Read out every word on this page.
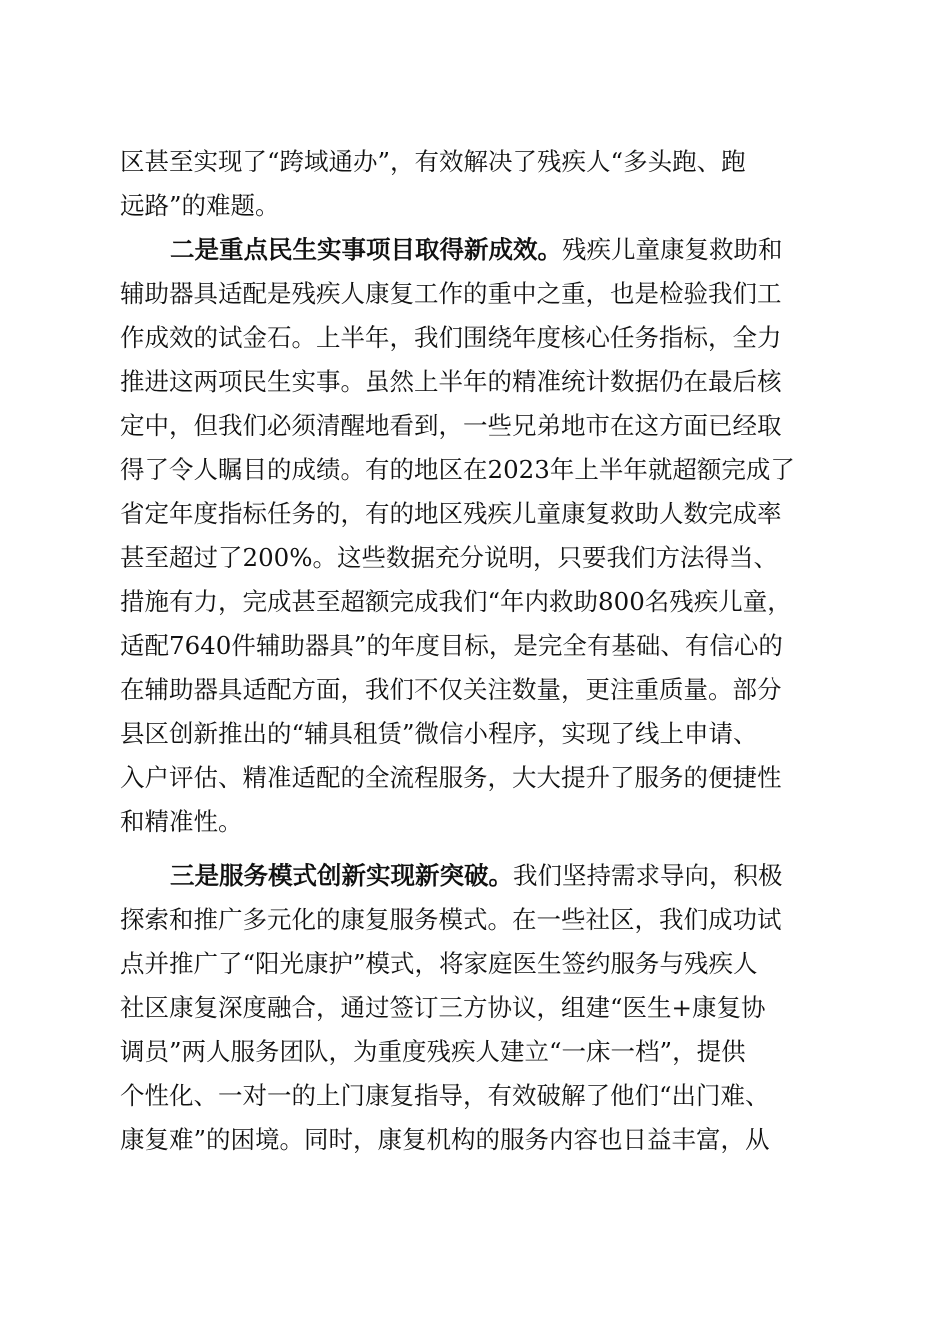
区甚至实现了“跨域通办”，有效解决了残疾人“多头跑、跑
远路”的难题。
二是重点民生实事项目取得新成效。残疾儿童康复救助和
辅助器具适配是残疾人康复工作的重中之重，也是检验我们工
作成效的试金石。上半年，我们围绕年度核心任务指标，全力
推进这两项民生实事。虽然上半年的精准统计数据仍在最后核
定中，但我们必须清醒地看到，一些兄弟地市在这方面已经取
得了令人瞩目的成绩。有的地区在2023年上半年就超额完成了
省定年度指标任务的，有的地区残疾儿童康复救助人数完成率
甚至超过了200%。这些数据充分说明，只要我们方法得当、
措施有力，完成甚至超额完成我们“年内救助800名残疾儿童，
适配7640件辅助器具”的年度目标，是完全有基础、有信心的
在辅助器具适配方面，我们不仅关注数量，更注重质量。部分
县区创新推出的“辅具租赁”微信小程序，实现了线上申请、
入户评估、精准适配的全流程服务，大大提升了服务的便捷性
和精准性。
三是服务模式创新实现新突破。我们坚持需求导向，积极
探索和推广多元化的康复服务模式。在一些社区，我们成功试
点并推广了“阳光康护”模式，将家庭医生签约服务与残疾人
社区康复深度融合，通过签订三方协议，组建“医生+康复协
调员”两人服务团队，为重度残疾人建立“一床一档”，提供
个性化、一对一的上门康复指导，有效破解了他们“出门难、
康复难”的困境。同时，康复机构的服务内容也日益丰富，从
